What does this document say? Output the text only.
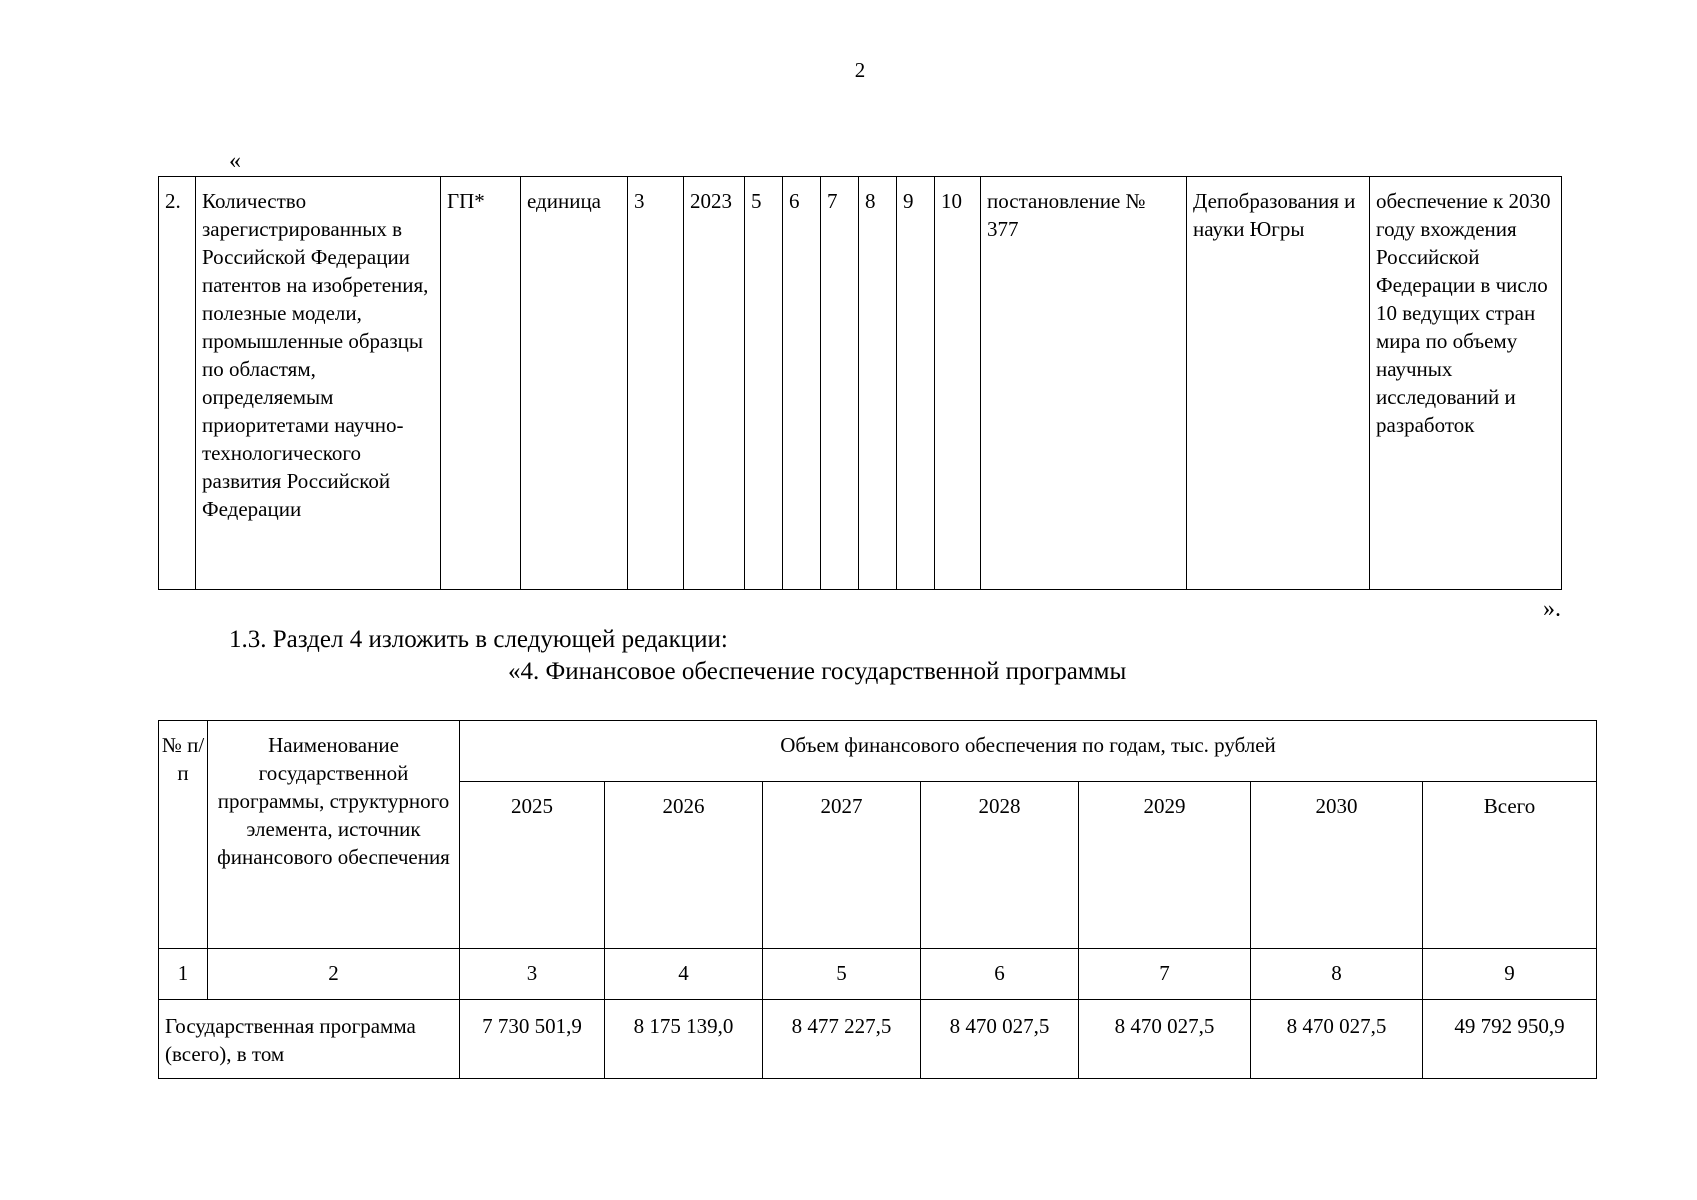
2
«
2.	Количество зарегистрированных в Российской Федерации патентов на изобретения, полезные модели, промышленные образцы по областям, определяемым приоритетами научно-технологического развития Российской Федерации	ГП*	единица	3	2023	5	6	7	8	9	10	постановление № 377	Депобразования и науки Югры	обеспечение к 2030 году вхождения Российской Федерации в число 10 ведущих стран мира по объему научных исследований и разработок
».
1.3. Раздел 4 изложить в следующей редакции:
«4. Финансовое обеспечение государственной программы
№ п/п	Наименование государственной программы, структурного элемента, источник финансового обеспечения	Объем финансового обеспечения по годам, тыс. рублей						
		2025	2026	2027	2028	2029	2030	Всего
1	2	3	4	5	6	7	8	9
Государственная программа (всего), в том		7 730 501,9	8 175 139,0	8 477 227,5	8 470 027,5	8 470 027,5	8 470 027,5	49 792 950,9
